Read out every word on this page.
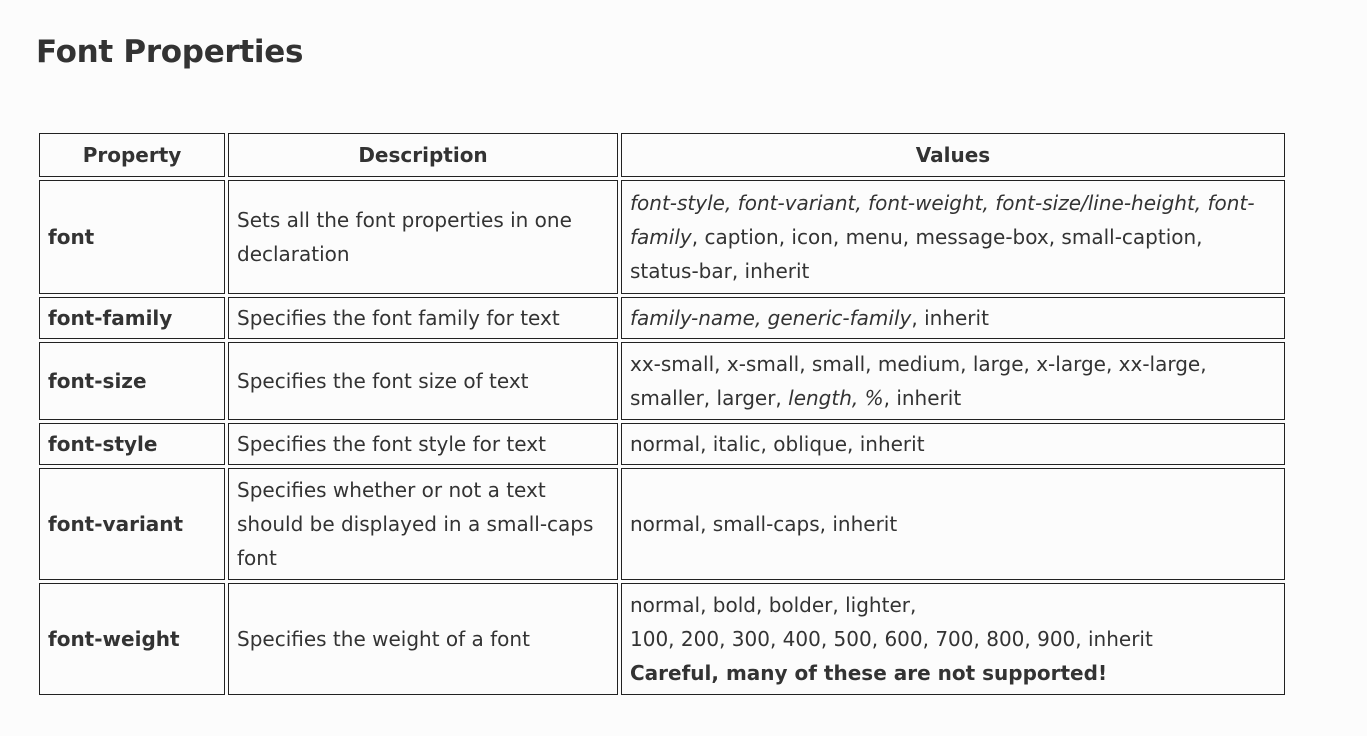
Font Properties
Property	Description	Values
font	Sets all the font properties in one declaration	font-style, font-variant, font-weight, font-size/line-height, font-family, caption, icon, menu, message-box, small-caption, status-bar, inherit
font-family	Specifies the font family for text	family-name, generic-family, inherit
font-size	Specifies the font size of text	xx-small, x-small, small, medium, large, x-large, xx-large, smaller, larger, length, %, inherit
font-style	Specifies the font style for text	normal, italic, oblique, inherit
font-variant	Specifies whether or not a text should be displayed in a small-caps font	normal, small-caps, inherit
font-weight	Specifies the weight of a font	normal, bold, bolder, lighter,
100, 200, 300, 400, 500, 600, 700, 800, 900, inherit
Careful, many of these are not supported!
